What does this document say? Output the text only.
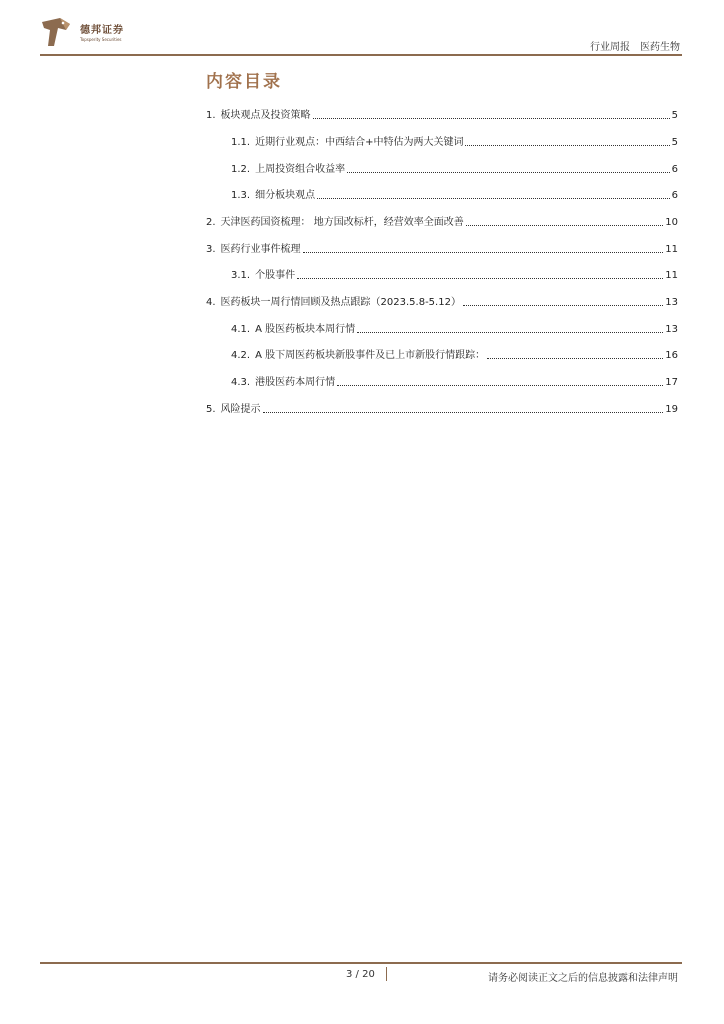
德邦证券
Topsperity Securities
行业周报 医药生物
内容目录
1. 板块观点及投资策略	5
1.1. 近期行业观点：中西结合+中特估为两大关键词	5
1.2. 上周投资组合收益率	6
1.3. 细分板块观点	6
2. 天津医药国资梳理： 地方国改标杆，经营效率全面改善	10
3. 医药行业事件梳理	11
3.1. 个股事件	11
4. 医药板块一周行情回顾及热点跟踪（2023.5.8-5.12）	13
4.1. A 股医药板块本周行情	13
4.2. A 股下周医药板块新股事件及已上市新股行情跟踪：	16
4.3. 港股医药本周行情	17
5. 风险提示	19
3 / 20	请务必阅读正文之后的信息披露和法律声明
